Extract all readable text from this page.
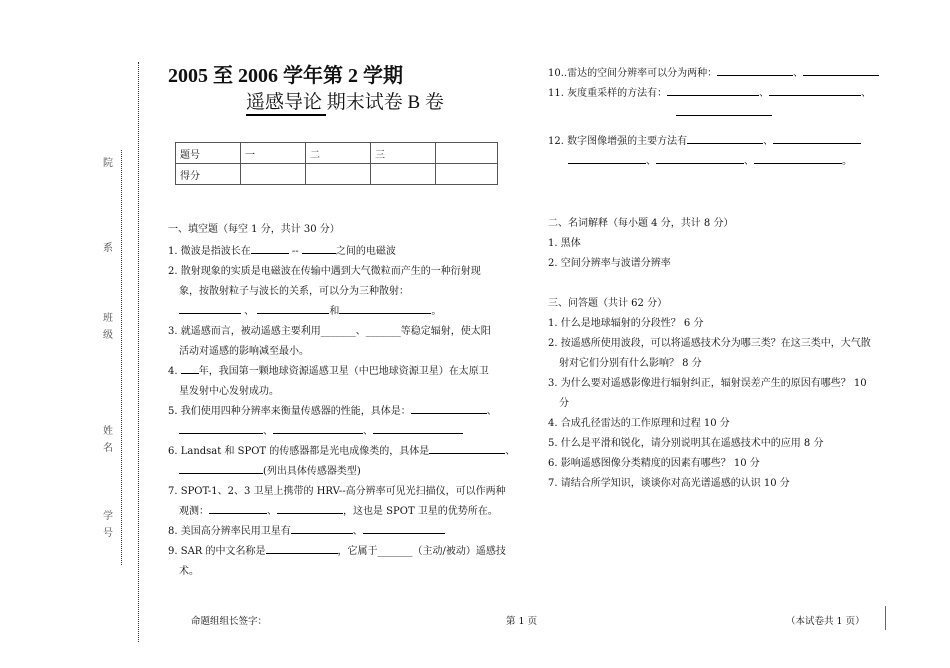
院
系
班级
姓名
学号
2005 至 2006 学年第 2 学期
遥感导论 期末试卷 B 卷
题号	一	二	三	
得分				
一、填空题（每空 1 分，共计 30 分）
1. 微波是指波长在	--	之间的电磁波
2. 散射现象的实质是电磁波在传输中遇到大气微粒而产生的一种衍射现
象，按散射粒子与波长的关系，可以分为三种散射：
、	和	。
3. 就遥感而言，被动遥感主要利用_______、_______等稳定辐射，使太阳
活动对遥感的影响减至最小。
4. 年，我国第一颗地球资源遥感卫星（中巴地球资源卫星）在太原卫
星发射中心发射成功。
5. 我们使用四种分辨率来衡量传感器的性能，具体是：	、
、	、
6. Landsat 和 SPOT 的传感器都是光电成像类的，具体是	、
(列出具体传感器类型)
7. SPOT-1、2、3 卫星上携带的 HRV--高分辨率可见光扫描仪，可以作两种
观测：	、	，这也是 SPOT 卫星的优势所在。
8. 美国高分辨率民用卫星有	、
9. SAR 的中文名称是	，它属于_______（主动/被动）遥感技
术。
10..雷达的空间分辨率可以分为两种：	、
11. 灰度重采样的方法有：	、	、
12. 数字图像增强的主要方法有	、
、	、	。
二、名词解释（每小题 4 分，共计 8 分）
1. 黑体
2. 空间分辨率与波谱分辨率
三、问答题（共计 62 分）
1. 什么是地球辐射的分段性？ 6 分
2. 按遥感所使用波段，可以将遥感技术分为哪三类？在这三类中，大气散
射对它们分别有什么影响？ 8 分
3. 为什么要对遥感影像进行辐射纠正，辐射误差产生的原因有哪些？ 10
分
4. 合成孔径雷达的工作原理和过程 10 分
5. 什么是平滑和锐化，请分别说明其在遥感技术中的应用 8 分
6. 影响遥感图像分类精度的因素有哪些？ 10 分
7. 请结合所学知识，谈谈你对高光谱遥感的认识 10 分
命题组组长签字：	第 1 页	（本试卷共 1 页）
